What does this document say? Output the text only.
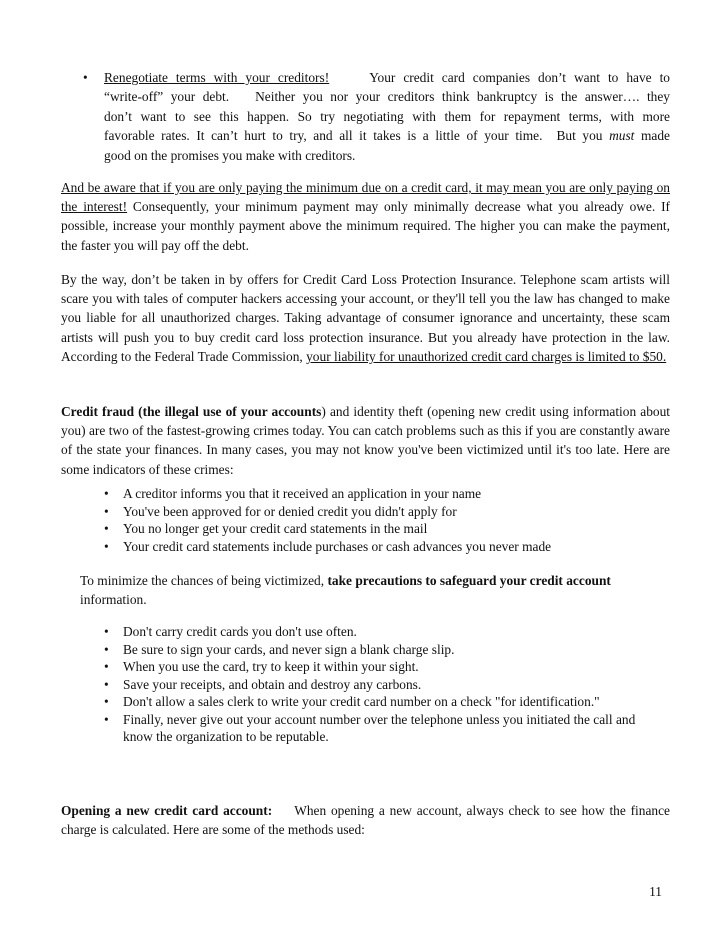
• Renegotiate terms with your creditors!	Your credit card companies don’t want to have to
“write-off” your debt. Neither you nor your creditors think bankruptcy is the answer…. they
don’t want to see this happen. So try negotiating with them for repayment terms, with more
favorable rates. It can’t hurt to try, and all it takes is a little of your time. But you must made
good on the promises you make with creditors.
And be aware that if you are only paying the minimum due on a credit card, it may mean you are only paying on the interest! Consequently, your minimum payment may only minimally decrease what you already owe. If possible, increase your monthly payment above the minimum required. The higher you can make the payment, the faster you will pay off the debt.
By the way, don’t be taken in by offers for Credit Card Loss Protection Insurance. Telephone scam artists will scare you with tales of computer hackers accessing your account, or they'll tell you the law has changed to make you liable for all unauthorized charges. Taking advantage of consumer ignorance and uncertainty, these scam artists will push you to buy credit card loss protection insurance. But you already have protection in the law. According to the Federal Trade Commission, your liability for unauthorized credit card charges is limited to $50.
Credit fraud (the illegal use of your accounts) and identity theft (opening new credit using information about you) are two of the fastest-growing crimes today. You can catch problems such as this if you are constantly aware of the state your finances. In many cases, you may not know you've been victimized until it's too late. Here are some indicators of these crimes:
• A creditor informs you that it received an application in your name
• You've been approved for or denied credit you didn't apply for
• You no longer get your credit card statements in the mail
• Your credit card statements include purchases or cash advances you never made
To minimize the chances of being victimized, take precautions to safeguard your credit account
information.
• Don't carry credit cards you don't use often.
• Be sure to sign your cards, and never sign a blank charge slip.
• When you use the card, try to keep it within your sight.
• Save your receipts, and obtain and destroy any carbons.
• Don't allow a sales clerk to write your credit card number on a check "for identification."
• Finally, never give out your account number over the telephone unless you initiated the call and know the organization to be reputable.
Opening a new credit card account: When opening a new account, always check to see how the finance charge is calculated. Here are some of the methods used:
11
